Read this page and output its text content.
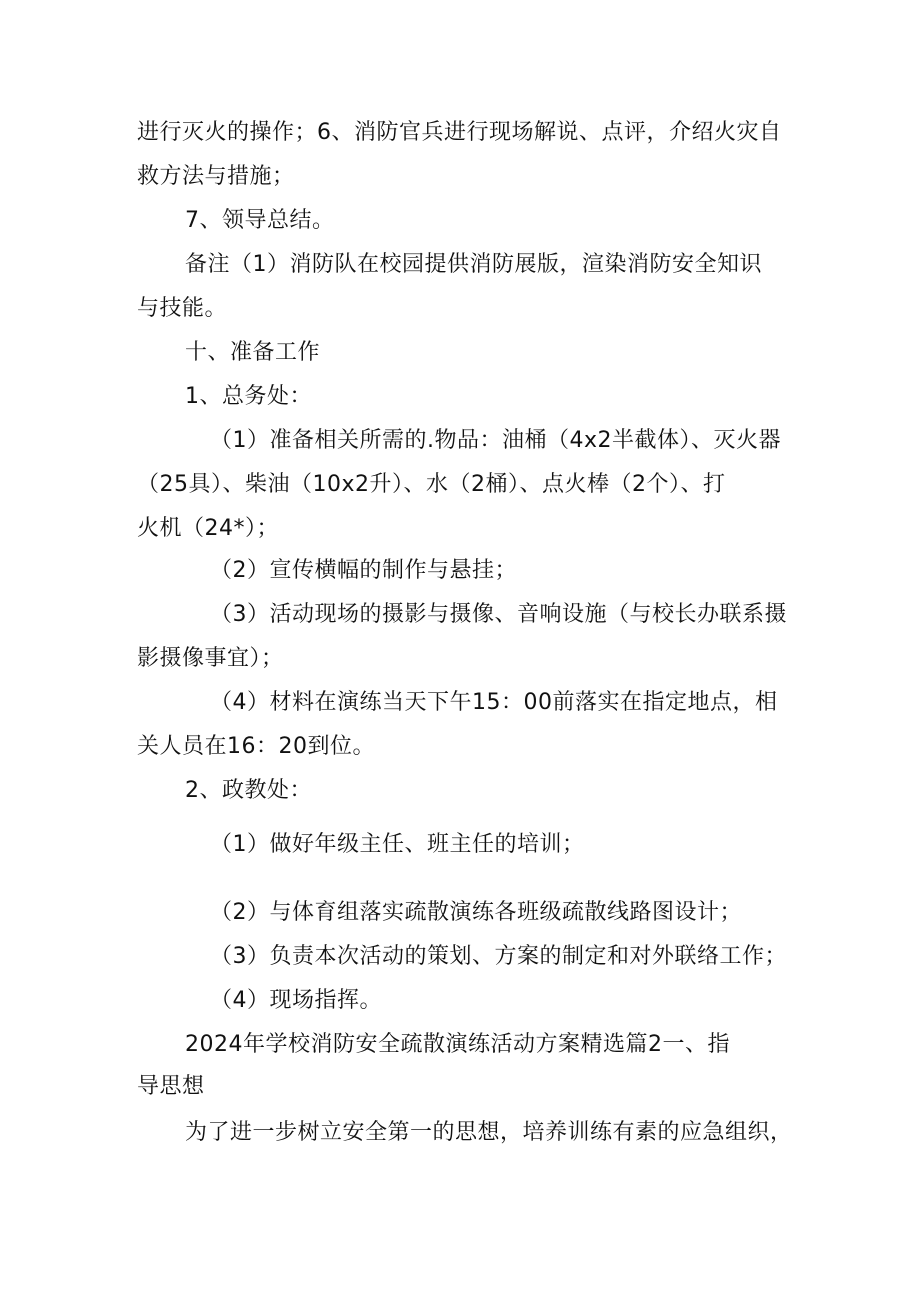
进行灭火的操作；6、消防官兵进行现场解说、点评，介绍火灾自
救方法与措施；
7、领导总结。
备注（1）消防队在校园提供消防展版，渲染消防安全知识
与技能。
十、准备工作
1、总务处：
（1）准备相关所需的.物品：油桶（4x2半截体）、灭火器
（25具）、柴油（10x2升）、水（2桶）、点火棒（2个）、打
火机（24*）；
（2）宣传横幅的制作与悬挂；
（3）活动现场的摄影与摄像、音响设施（与校长办联系摄
影摄像事宜）；
（4）材料在演练当天下午15：00前落实在指定地点，相
关人员在16：20到位。
2、政教处：
（1）做好年级主任、班主任的培训；
（2）与体育组落实疏散演练各班级疏散线路图设计；
（3）负责本次活动的策划、方案的制定和对外联络工作；
（4）现场指挥。
2024年学校消防安全疏散演练活动方案精选篇2一、指
导思想
为了进一步树立安全第一的思想，培养训练有素的应急组织，
